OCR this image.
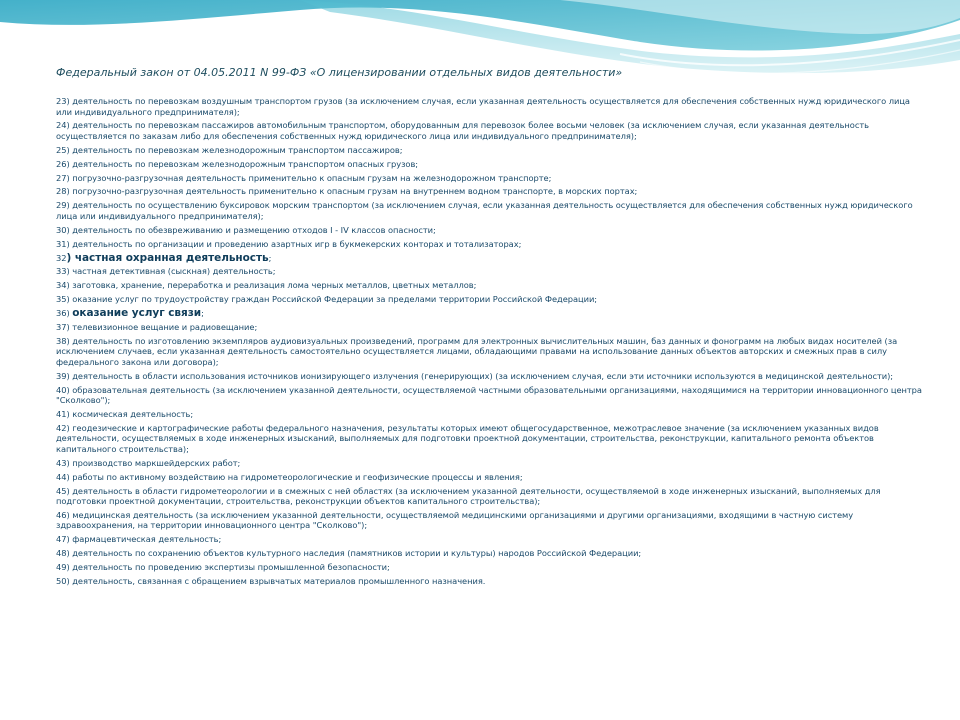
Федеральный закон от 04.05.2011 N 99-ФЗ «О лицензировании отдельных видов деятельности»
23) деятельность по перевозкам воздушным транспортом грузов (за исключением случая, если указанная деятельность осуществляется для обеспечения собственных нужд юридического лица или индивидуального предпринимателя);
24) деятельность по перевозкам пассажиров автомобильным транспортом, оборудованным для перевозок более восьми человек (за исключением случая, если указанная деятельность осуществляется по заказам либо для обеспечения собственных нужд юридического лица или индивидуального предпринимателя);
25) деятельность по перевозкам железнодорожным транспортом пассажиров;
26) деятельность по перевозкам железнодорожным транспортом опасных грузов;
27) погрузочно-разгрузочная деятельность применительно к опасным грузам на железнодорожном транспорте;
28) погрузочно-разгрузочная деятельность применительно к опасным грузам на внутреннем водном транспорте, в морских портах;
29) деятельность по осуществлению буксировок морским транспортом (за исключением случая, если указанная деятельность осуществляется для обеспечения собственных нужд юридического лица или индивидуального предпринимателя);
30) деятельность по обезвреживанию и размещению отходов I - IV классов опасности;
31) деятельность по организации и проведению азартных игр в букмекерских конторах и тотализаторах;
32) частная охранная деятельность;
33) частная детективная (сыскная) деятельность;
34) заготовка, хранение, переработка и реализация лома черных металлов, цветных металлов;
35) оказание услуг по трудоустройству граждан Российской Федерации за пределами территории Российской Федерации;
36) оказание услуг связи;
37) телевизионное вещание и радиовещание;
38) деятельность по изготовлению экземпляров аудиовизуальных произведений, программ для электронных вычислительных машин, баз данных и фонограмм на любых видах носителей (за исключением случаев, если указанная деятельность самостоятельно осуществляется лицами, обладающими правами на использование данных объектов авторских и смежных прав в силу федерального закона или договора);
39) деятельность в области использования источников ионизирующего излучения (генерирующих) (за исключением случая, если эти источники используются в медицинской деятельности);
40) образовательная деятельность (за исключением указанной деятельности, осуществляемой частными образовательными организациями, находящимися на территории инновационного центра "Сколково");
41) космическая деятельность;
42) геодезические и картографические работы федерального назначения, результаты которых имеют общегосударственное, межотраслевое значение (за исключением указанных видов деятельности, осуществляемых в ходе инженерных изысканий, выполняемых для подготовки проектной документации, строительства, реконструкции, капитального ремонта объектов капитального строительства);
43) производство маркшейдерских работ;
44) работы по активному воздействию на гидрометеорологические и геофизические процессы и явления;
45) деятельность в области гидрометеорологии и в смежных с ней областях (за исключением указанной деятельности, осуществляемой в ходе инженерных изысканий, выполняемых для подготовки проектной документации, строительства, реконструкции объектов капитального строительства);
46) медицинская деятельность (за исключением указанной деятельности, осуществляемой медицинскими организациями и другими организациями, входящими в частную систему здравоохранения, на территории инновационного центра "Сколково");
47) фармацевтическая деятельность;
48) деятельность по сохранению объектов культурного наследия (памятников истории и культуры) народов Российской Федерации;
49) деятельность по проведению экспертизы промышленной безопасности;
50) деятельность, связанная с обращением взрывчатых материалов промышленного назначения.
